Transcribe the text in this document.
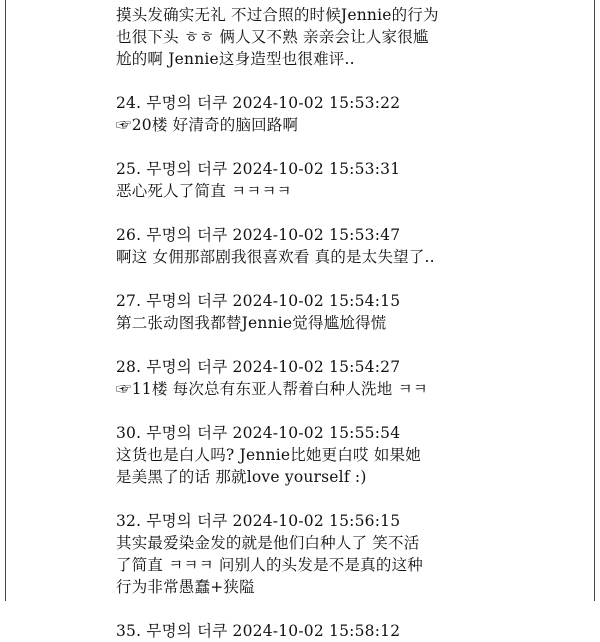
摸头发确实无礼 不过合照的时候Jennie的行为

也很下头 ㅎㅎ 俩人又不熟 亲亲会让人家很尴

尬的啊 Jennie这身造型也很难评..

24. 무명의 더쿠 2024-10-02 15:53:22

☞20楼 好清奇的脑回路啊

25. 무명의 더쿠 2024-10-02 15:53:31

恶心死人了简直 ㅋㅋㅋㅋ

26. 무명의 더쿠 2024-10-02 15:53:47

啊这 女佣那部剧我很喜欢看 真的是太失望了..

27. 무명의 더쿠 2024-10-02 15:54:15

第二张动图我都替Jennie觉得尴尬得慌

28. 무명의 더쿠 2024-10-02 15:54:27

☞11楼 每次总有东亚人帮着白种人洗地 ㅋㅋ

30. 무명의 더쿠 2024-10-02 15:55:54

这货也是白人吗? Jennie比她更白哎 如果她

是美黑了的话 那就love yourself :)

32. 무명의 더쿠 2024-10-02 15:56:15

其实最爱染金发的就是他们白种人了 笑不活

了简直 ㅋㅋㅋ 问别人的头发是不是真的这种

行为非常愚蠢+狭隘

35. 무명의 더쿠 2024-10-02 15:58:12
